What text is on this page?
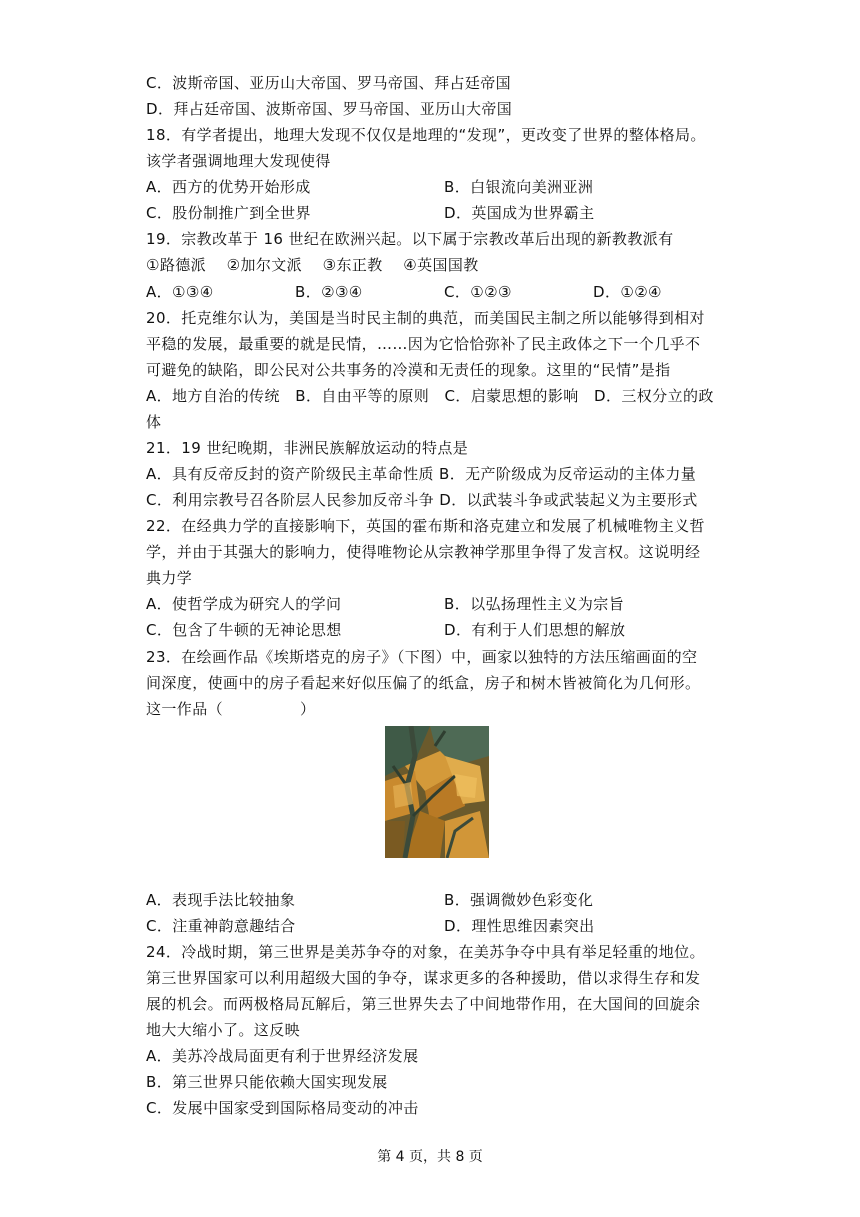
C．波斯帝国、亚历山大帝国、罗马帝国、拜占廷帝国
D．拜占廷帝国、波斯帝国、罗马帝国、亚历山大帝国
18．有学者提出，地理大发现不仅仅是地理的“发现”，更改变了世界的整体格局。
该学者强调地理大发现使得
A．西方的优势开始形成	B．白银流向美洲亚洲
C．股份制推广到全世界	D．英国成为世界霸主
19．宗教改革于 16 世纪在欧洲兴起。以下属于宗教改革后出现的新教教派有
①路德派　 ②加尔文派　 ③东正教　 ④英国国教
A．①③④	B．②③④	C．①②③	D．①②④
20．托克维尔认为，美国是当时民主制的典范，而美国民主制之所以能够得到相对
平稳的发展，最重要的就是民情，……因为它恰恰弥补了民主政体之下一个几乎不
可避免的缺陷，即公民对公共事务的冷漠和无责任的现象。这里的“民情”是指
A．地方自治的传统　B．自由平等的原则　C．启蒙思想的影响　D．三权分立的政
体
21．19 世纪晚期，非洲民族解放运动的特点是
A．具有反帝反封的资产阶级民主革命性质 B．无产阶级成为反帝运动的主体力量
C．利用宗教号召各阶层人民参加反帝斗争 D．以武装斗争或武装起义为主要形式
22．在经典力学的直接影响下，英国的霍布斯和洛克建立和发展了机械唯物主义哲
学，并由于其强大的影响力，使得唯物论从宗教神学那里争得了发言权。这说明经
典力学
A．使哲学成为研究人的学问	B．以弘扬理性主义为宗旨
C．包含了牛顿的无神论思想	D．有利于人们思想的解放
23．在绘画作品《埃斯塔克的房子》（下图）中，画家以独特的方法压缩画面的空
间深度，使画中的房子看起来好似压偏了的纸盒，房子和树木皆被简化为几何形。
这一作品（　　　　　）
A．表现手法比较抽象	B．强调微妙色彩变化
C．注重神韵意趣结合	D．理性思维因素突出
24．冷战时期，第三世界是美苏争夺的对象，在美苏争夺中具有举足轻重的地位。
第三世界国家可以利用超级大国的争夺，谋求更多的各种援助，借以求得生存和发
展的机会。而两极格局瓦解后，第三世界失去了中间地带作用，在大国间的回旋余
地大大缩小了。这反映
A．美苏冷战局面更有利于世界经济发展
B．第三世界只能依赖大国实现发展
C．发展中国家受到国际格局变动的冲击
第 4 页，共 8 页
